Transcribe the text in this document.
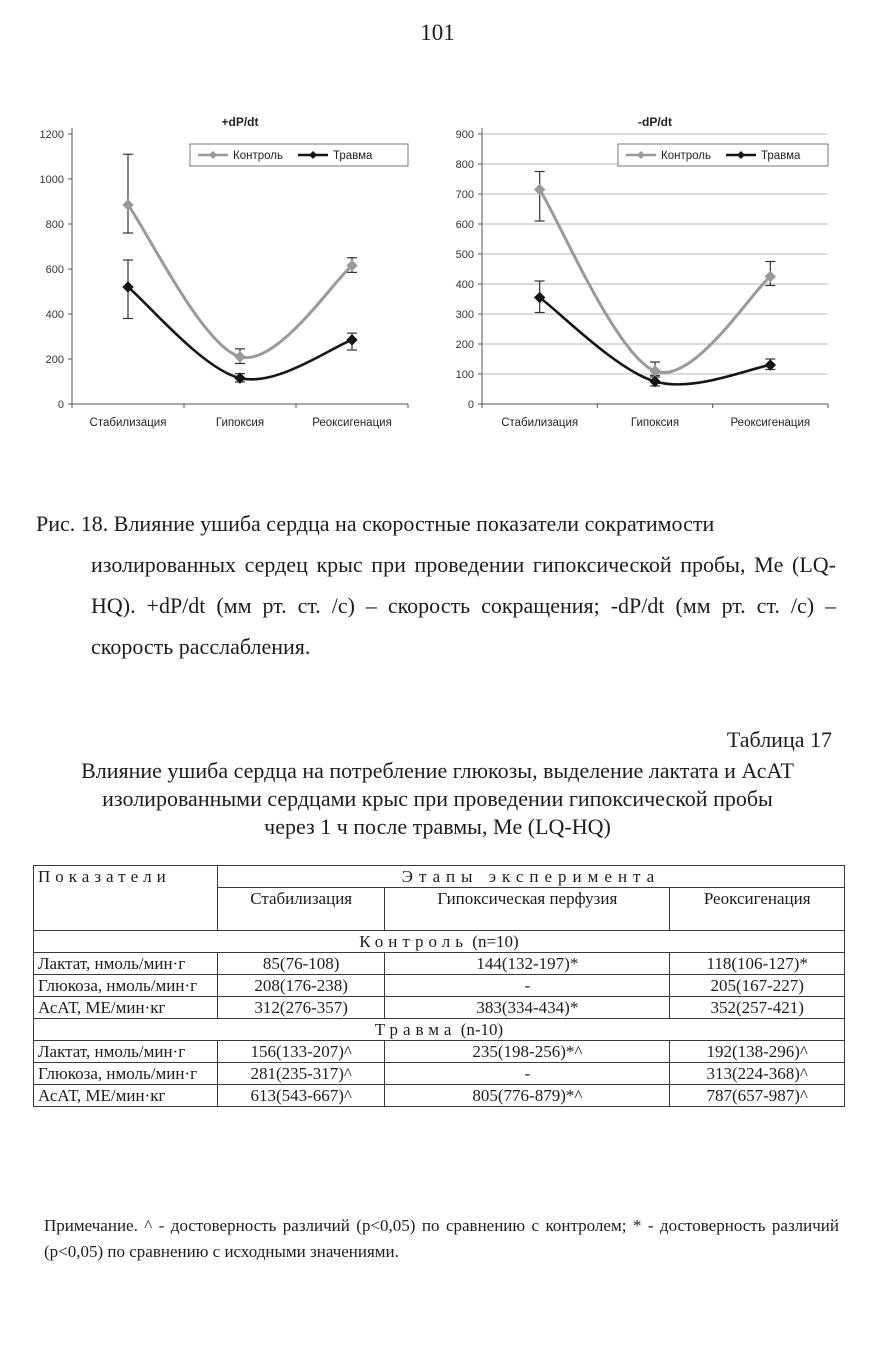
101
+dP/dt
0
200
400
600
800
1000
1200
Стабилизация	Гипоксия	Реоксигенация
Контроль	Травма
-dP/dt
0
100
200
300
400
500
600
700
800
900
Стабилизация	Гипоксия	Реоксигенация
Контроль	Травма
Рис. 18. Влияние ушиба сердца на скоростные показатели сократимости
изолированных сердец крыс при проведении гипоксической пробы, Me (LQ-HQ). +dP/dt (мм рт. ст. /с) – скорость сокращения; -dP/dt (мм рт. ст. /с) – скорость расслабления.
Таблица 17
Влияние ушиба сердца на потребление глюкозы, выделение лактата и АсАТ
изолированными сердцами крыс при проведении гипоксической пробы
через 1 ч после травмы, Me (LQ-HQ)
Показатели	Этапы эксперимента		
	Стабилизация	Гипоксическая перфузия	Реоксигенация
Контроль (n=10)			
Лактат, нмоль/мин·г	85(76-108)	144(132-197)*	118(106-127)*
Глюкоза, нмоль/мин·г	208(176-238)	-	205(167-227)
АсАТ, МЕ/мин·кг	312(276-357)	383(334-434)*	352(257-421)
Травма (n-10)			
Лактат, нмоль/мин·г	156(133-207)^	235(198-256)*^	192(138-296)^
Глюкоза, нмоль/мин·г	281(235-317)^	-	313(224-368)^
АсАТ, МЕ/мин·кг	613(543-667)^	805(776-879)*^	787(657-987)^
Примечание. ^ - достоверность различий (p<0,05) по сравнению с контролем; * - достоверность различий (p<0,05) по сравнению с исходными значениями.
